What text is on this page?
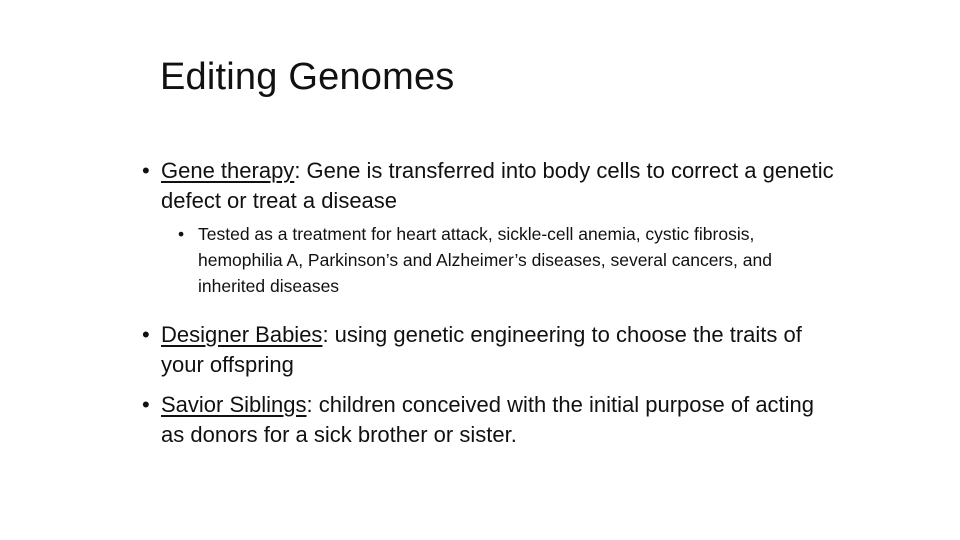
Editing Genomes
• Gene therapy: Gene is transferred into body cells to correct a genetic defect or treat a disease
• Tested as a treatment for heart attack, sickle-cell anemia, cystic fibrosis, hemophilia A, Parkinson’s and Alzheimer’s diseases, several cancers, and inherited diseases
• Designer Babies: using genetic engineering to choose the traits of your offspring
• Savior Siblings: children conceived with the initial purpose of acting as donors for a sick brother or sister.
